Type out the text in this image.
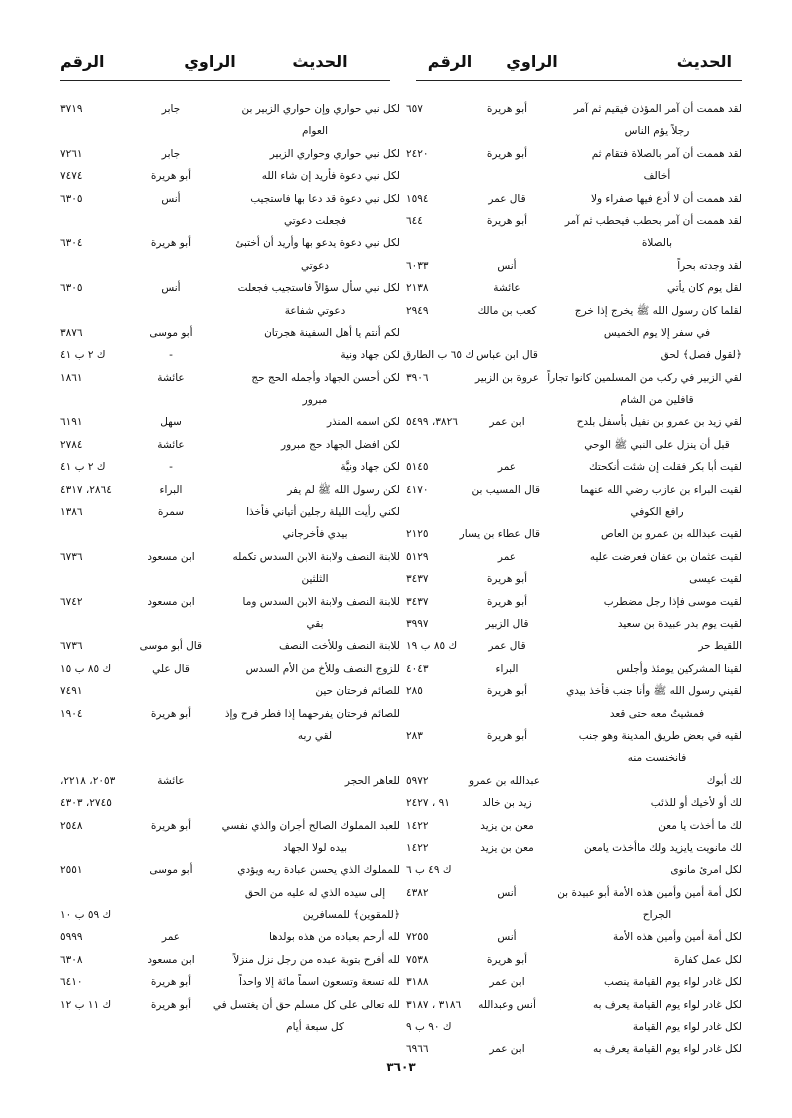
الحديث
الراوي
الرقم
الحديث
الراوي
الرقم
لقد هممت أن آمر المؤذن فيقيم ثم آمر
أبو هريرة
٦٥٧
رجلاً يؤم الناس
لقد هممت أن آمر بالصلاة فتقام ثم
أبو هريرة
٢٤٢٠
أخالف
لقد هممت أن لا أدع فيها صفراء ولا
قال عمر
١٥٩٤
لقد هممت أن آمر بحطب فيحطب ثم آمر
أبو هريرة
٦٤٤
بالصلاة
لقد وجدته بحراً
أنس
٦٠٣٣
لقل يوم كان يأتي
عائشة
٢١٣٨
لقلما كان رسول الله ﷺ يخرج إذا خرج
كعب بن مالك
٢٩٤٩
في سفر إلا يوم الخميس
﴿لقول فصل﴾ لحق
قال ابن عباس
ك ٦٥ ب الطارق
لقي الزبير في ركب من المسلمين كانوا تجاراً
عروة بن الزبير
٣٩٠٦
قافلين من الشام
لقي زيد بن عمرو بن نفيل بأسفل بلدح
ابن عمر
٣٨٢٦، ٥٤٩٩
قبل أن ينزل على النبي ﷺ الوحي
لقيت أبا بكر فقلت إن شئت أنكحتك
عمر
٥١٤٥
لقيت البراء بن عازب رضي الله عنهما
قال المسيب بن
٤١٧٠
رافع الكوفي
لقيت عبدالله بن عمرو بن العاص
قال عطاء بن يسار
٢١٢٥
لقيت عثمان بن عفان فعرضت عليه
عمر
٥١٢٩
لقيت عيسى
أبو هريرة
٣٤٣٧
لقيت موسى فإذا رجل مضطرب
أبو هريرة
٣٤٣٧
لقيت يوم بدر عبيدة بن سعيد
قال الزبير
٣٩٩٧
اللقيط حر
قال عمر
ك ٨٥ ب ١٩
لقينا المشركين يومئذ وأجلس
البراء
٤٠٤٣
لقيني رسول الله ﷺ وأنا جنب فأخذ بيدي
أبو هريرة
٢٨٥
فمشيتُ معه حتى قعد
لقيه في بعض طريق المدينة وهو جنب
أبو هريرة
٢٨٣
فانخنست منه
لك أبوك
عبدالله بن عمرو
٥٩٧٢
لك أو لأخيك أو للذئب
زيد بن خالد
٩١ ، ٢٤٢٧
لك ما أخذت يا معن
معن بن يزيد
١٤٢٢
لك مانويت يايزيد ولك ماأخذت يامعن
معن بن يزيد
١٤٢٢
لكل امرئ مانوى
ك ٤٩ ب ٦
لكل أمة أمين وأمين هذه الأمة أبو عبيدة بن
أنس
٤٣٨٢
الجراح
لكل أمة أمين وأمين هذه الأمة
أنس
٧٢٥٥
لكل عمل كفارة
أبو هريرة
٧٥٣٨
لكل غادر لواء يوم القيامة ينصب
ابن عمر
٣١٨٨
لكل غادر لواء يوم القيامة يعرف به
أنس وعبدالله
٣١٨٦ ، ٣١٨٧
لكل غادر لواء يوم القيامة
ك ٩٠ ب ٩
لكل غادر لواء يوم القيامة يعرف به
ابن عمر
٦٩٦٦
لكل نبي حواري وإن حواري الزبير بن
جابر
٣٧١٩
العوام
لكل نبي حواري وحواري الزبير
جابر
٧٢٦١
لكل نبي دعوة فأريد إن شاء الله
أبو هريرة
٧٤٧٤
لكل نبي دعوة قد دعا بها فاستجيب
أنس
٦٣٠٥
فجعلت دعوتي
لكل نبي دعوة يدعو بها وأريد أن أختبئ
أبو هريرة
٦٣٠٤
دعوتي
لكل نبي سأل سؤالاً فاستجيب فجعلت
أنس
٦٣٠٥
دعوتي شفاعة
لكم أنتم يا أهل السفينة هجرتان
أبو موسى
٣٨٧٦
لكن جهاد ونية
-
ك ٢ ب ٤١
لكن أحسن الجهاد وأجمله الحج حج
عائشة
١٨٦١
مبرور
لكن اسمه المنذر
سهل
٦١٩١
لكن افضل الجهاد حج مبرور
عائشة
٢٧٨٤
لكن جهاد ونيَّة
-
ك ٢ ب ٤١
لكن رسول الله ﷺ لم يفر
البراء
٢٨٦٤، ٤٣١٧
لكني رأيت الليلة رجلين أتياني فأخذا
سمرة
١٣٨٦
بيدي فأخرجاني
للابنة النصف ولابنة الابن السدس تكمله
ابن مسعود
٦٧٣٦
الثلثين
للابنة النصف ولابنة الابن السدس وما
ابن مسعود
٦٧٤٢
بقي
للابنة النصف وللأخت النصف
قال أبو موسى
٦٧٣٦
للزوج النصف وللأخ من الأم السدس
قال علي
ك ٨٥ ب ١٥
للصائم فرحتان حين
٧٤٩١
للصائم فرحتان يفرحهما إذا فطر فرح وإذ
أبو هريرة
١٩٠٤
لقي ربه
للعاهر الحجر
عائشة
٢٠٥٣، ٢٢١٨،
٢٧٤٥، ٤٣٠٣
للعبد المملوك الصالح أجران والذي نفسي
أبو هريرة
٢٥٤٨
بيده لولا الجهاد
للمملوك الذي يحسن عبادة ربه ويؤدي
أبو موسى
٢٥٥١
إلى سيده الذي له عليه من الحق
﴿للمقوين﴾ للمسافرين
ك ٥٩ ب ١٠
لله أرحم بعباده من هذه بولدها
عمر
٥٩٩٩
لله أفرح بتوبة عبده من رجل نزل منزلاً
ابن مسعود
٦٣٠٨
لله تسعة وتسعون اسماً مائة إلا واحداً
أبو هريرة
٦٤١٠
لله تعالى على كل مسلم حق أن يغتسل في
أبو هريرة
ك ١١ ب ١٢
كل سبعة أيام
٣٦٠٣
